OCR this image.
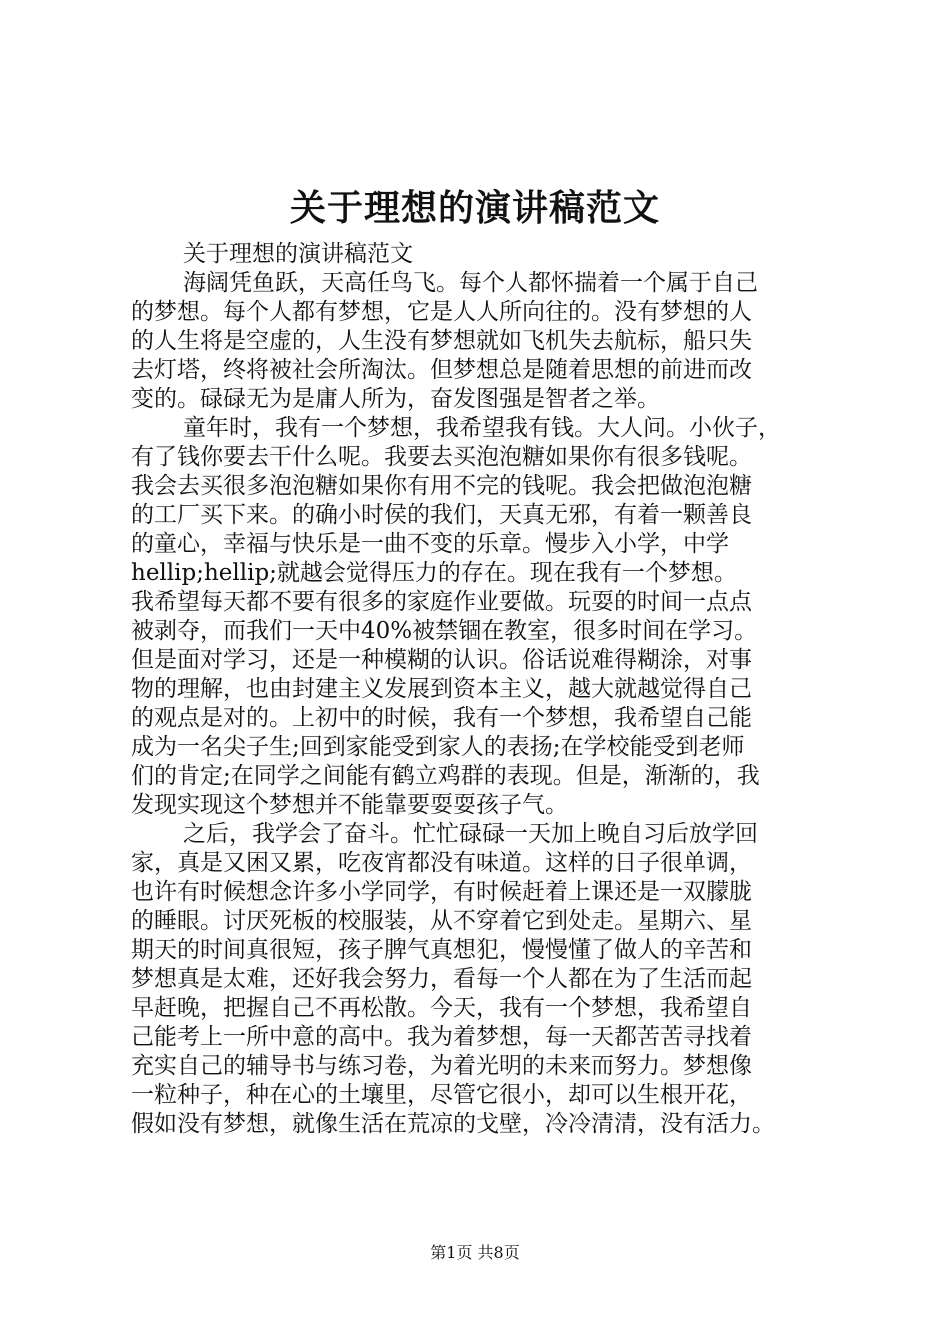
关于理想的演讲稿范文
关于理想的演讲稿范文
海阔凭鱼跃，天高任鸟飞。每个人都怀揣着一个属于自己
的梦想。每个人都有梦想，它是人人所向往的。没有梦想的人
的人生将是空虚的，人生没有梦想就如飞机失去航标，船只失
去灯塔，终将被社会所淘汰。但梦想总是随着思想的前进而改
变的。碌碌无为是庸人所为，奋发图强是智者之举。
童年时，我有一个梦想，我希望我有钱。大人问。小伙子，
有了钱你要去干什么呢。我要去买泡泡糖如果你有很多钱呢。
我会去买很多泡泡糖如果你有用不完的钱呢。我会把做泡泡糖
的工厂买下来。的确小时侯的我们，天真无邪，有着一颗善良
的童心，幸福与快乐是一曲不变的乐章。慢步入小学，中学
hellip;hellip;就越会觉得压力的存在。现在我有一个梦想。
我希望每天都不要有很多的家庭作业要做。玩耍的时间一点点
被剥夺，而我们一天中40%被禁锢在教室，很多时间在学习。
但是面对学习，还是一种模糊的认识。俗话说难得糊涂，对事
物的理解，也由封建主义发展到资本主义，越大就越觉得自己
的观点是对的。上初中的时候，我有一个梦想，我希望自己能
成为一名尖子生;回到家能受到家人的表扬;在学校能受到老师
们的肯定;在同学之间能有鹤立鸡群的表现。但是，渐渐的，我
发现实现这个梦想并不能靠要耍耍孩子气。
之后，我学会了奋斗。忙忙碌碌一天加上晚自习后放学回
家，真是又困又累，吃夜宵都没有味道。这样的日子很单调，
也许有时候想念许多小学同学，有时候赶着上课还是一双朦胧
的睡眼。讨厌死板的校服装，从不穿着它到处走。星期六、星
期天的时间真很短，孩子脾气真想犯，慢慢懂了做人的辛苦和
梦想真是太难，还好我会努力，看每一个人都在为了生活而起
早赶晚，把握自己不再松散。今天，我有一个梦想，我希望自
己能考上一所中意的高中。我为着梦想，每一天都苦苦寻找着
充实自己的辅导书与练习卷，为着光明的未来而努力。梦想像
一粒种子，种在心的土壤里，尽管它很小，却可以生根开花，
假如没有梦想，就像生活在荒凉的戈壁，冷冷清清，没有活力。
第1页 共8页
